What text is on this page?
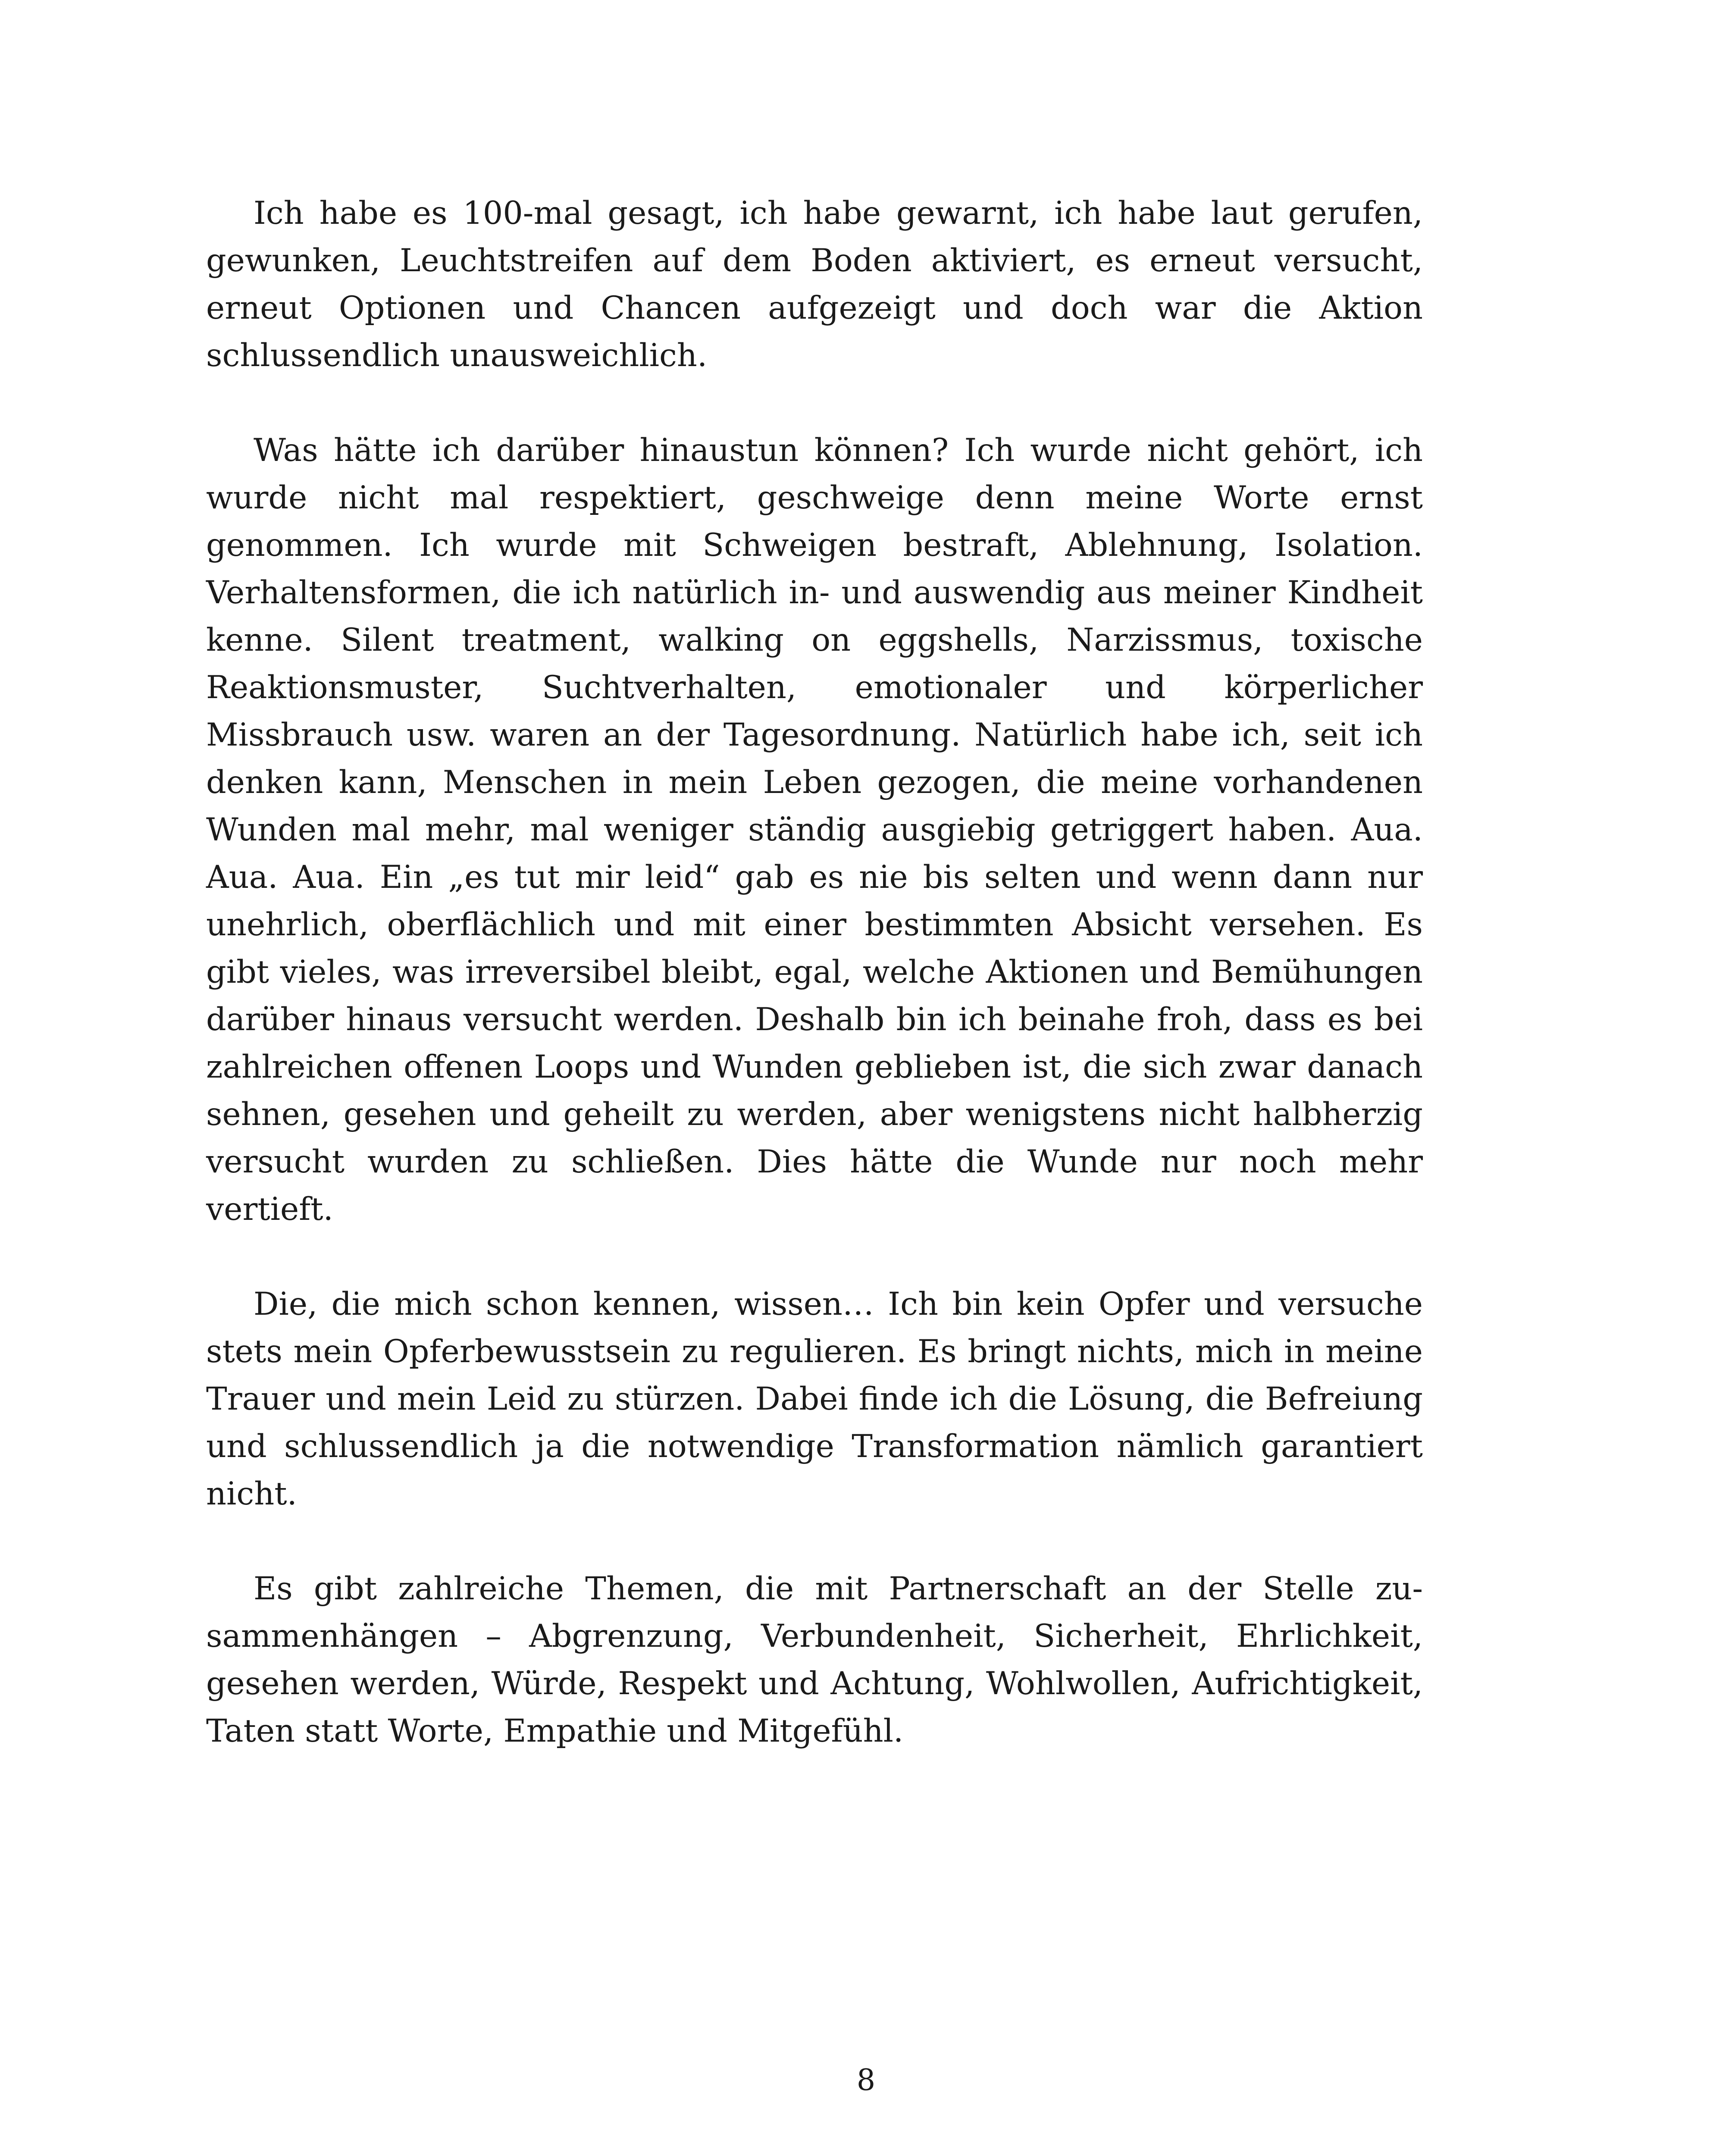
Ich habe es 100-mal gesagt, ich habe gewarnt, ich habe laut gerufen, gewunken, Leuchtstreifen auf dem Boden aktiviert, es erneut versucht, erneut Optionen und Chancen aufgezeigt und doch war die Aktion schlussendlich unausweichlich.

Was hätte ich darüber hinaustun können? Ich wurde nicht gehört, ich wurde nicht mal respektiert, geschweige denn meine Worte ernst genommen. Ich wurde mit Schweigen bestraft, Ablehnung, Isolation. Verhaltensformen, die ich natürlich in- und auswendig aus meiner Kindheit kenne. Silent treatment, walking on eggshells, Narzissmus, toxische Reaktionsmuster, Suchtverhalten, emotionaler und körperlicher Missbrauch usw. waren an der Tagesordnung. Natürlich habe ich, seit ich denken kann, Menschen in mein Leben gezogen, die meine vorhandenen Wunden mal mehr, mal weniger ständig ausgiebig getriggert haben. Aua. Aua. Aua. Ein „es tut mir leid“ gab es nie bis selten und wenn dann nur unehrlich, oberflächlich und mit einer bestimmten Absicht versehen. Es gibt vieles, was irreversibel bleibt, egal, welche Aktionen und Bemühungen darüber hinaus versucht werden. Deshalb bin ich beinahe froh, dass es bei zahlreichen offenen Loops und Wunden geblieben ist, die sich zwar danach sehnen, gesehen und geheilt zu werden, aber wenigstens nicht halbherzig versucht wurden zu schließen. Dies hätte die Wunde nur noch mehr vertieft.

Die, die mich schon kennen, wissen… Ich bin kein Opfer und versuche stets mein Opferbewusstsein zu regulieren. Es bringt nichts, mich in meine Trauer und mein Leid zu stürzen. Dabei finde ich die Lösung, die Befreiung und schlussendlich ja die notwendige Transformation nämlich garantiert nicht.

Es gibt zahlreiche Themen, die mit Partnerschaft an der Stelle zusammenhängen – Abgrenzung, Verbundenheit, Sicherheit, Ehrlichkeit, gesehen werden, Würde, Respekt und Achtung, Wohlwollen, Aufrichtigkeit, Taten statt Worte, Empathie und Mitgefühl.

8
